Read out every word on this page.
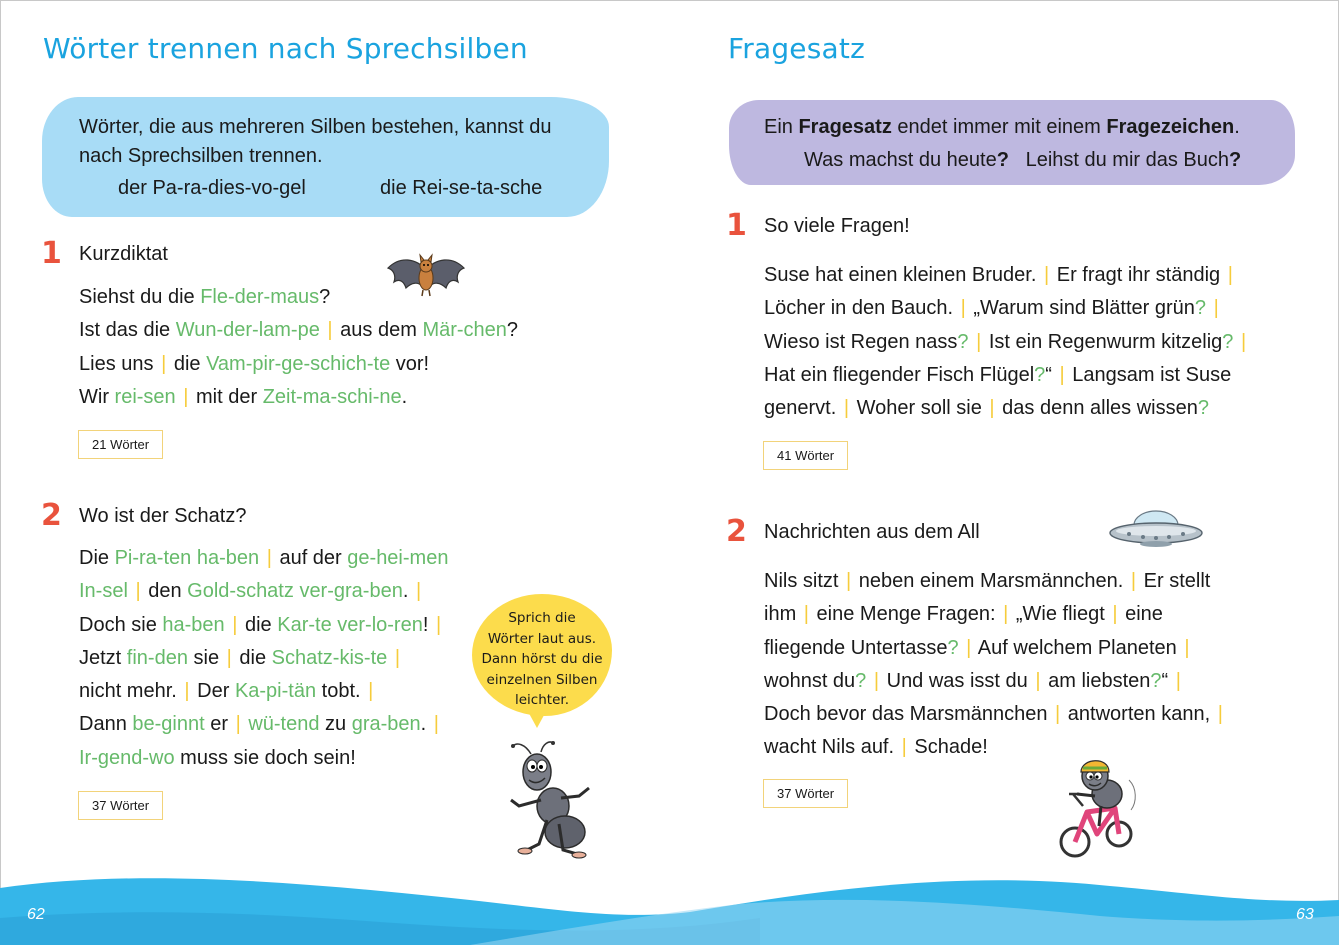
Wörter trennen nach Sprechsilben
Wörter, die aus mehreren Silben bestehen, kannst du
nach Sprechsilben trennen.
der Pa-ra-dies-vo-gel	die Rei-se-ta-sche
1 Kurzdiktat
Siehst du die Fle-der-maus?
Ist das die Wun-der-lam-pe | aus dem Mär-chen?
Lies uns | die Vam-pir-ge-schich-te vor!
Wir rei-sen | mit der Zeit-ma-schi-ne.
21 Wörter
2 Wo ist der Schatz?
Die Pi-ra-ten ha-ben | auf der ge-hei-men
In-sel | den Gold-schatz ver-gra-ben. |
Doch sie ha-ben | die Kar-te ver-lo-ren! |
Jetzt fin-den sie | die Schatz-kis-te |
nicht mehr. | Der Ka-pi-tän tobt. |
Dann be-ginnt er | wü-tend zu gra-ben. |
Ir-gend-wo muss sie doch sein!
37 Wörter
Sprich die
Wörter laut aus.
Dann hörst du die
einzelnen Silben
leichter.
Fragesatz
Ein Fragesatz endet immer mit einem Fragezeichen.
Was machst du heute? Leihst du mir das Buch?
1 So viele Fragen!
Suse hat einen kleinen Bruder. | Er fragt ihr ständig |
Löcher in den Bauch. | „Warum sind Blätter grün? |
Wieso ist Regen nass? | Ist ein Regenwurm kitzelig? |
Hat ein fliegender Fisch Flügel?“ | Langsam ist Suse
genervt. | Woher soll sie | das denn alles wissen?
41 Wörter
2 Nachrichten aus dem All
Nils sitzt | neben einem Marsmännchen. | Er stellt
ihm | eine Menge Fragen: | „Wie fliegt | eine
fliegende Untertasse? | Auf welchem Planeten |
wohnst du? | Und was isst du | am liebsten?“ |
Doch bevor das Marsmännchen | antworten kann, |
wacht Nils auf. | Schade!
37 Wörter
62	63
